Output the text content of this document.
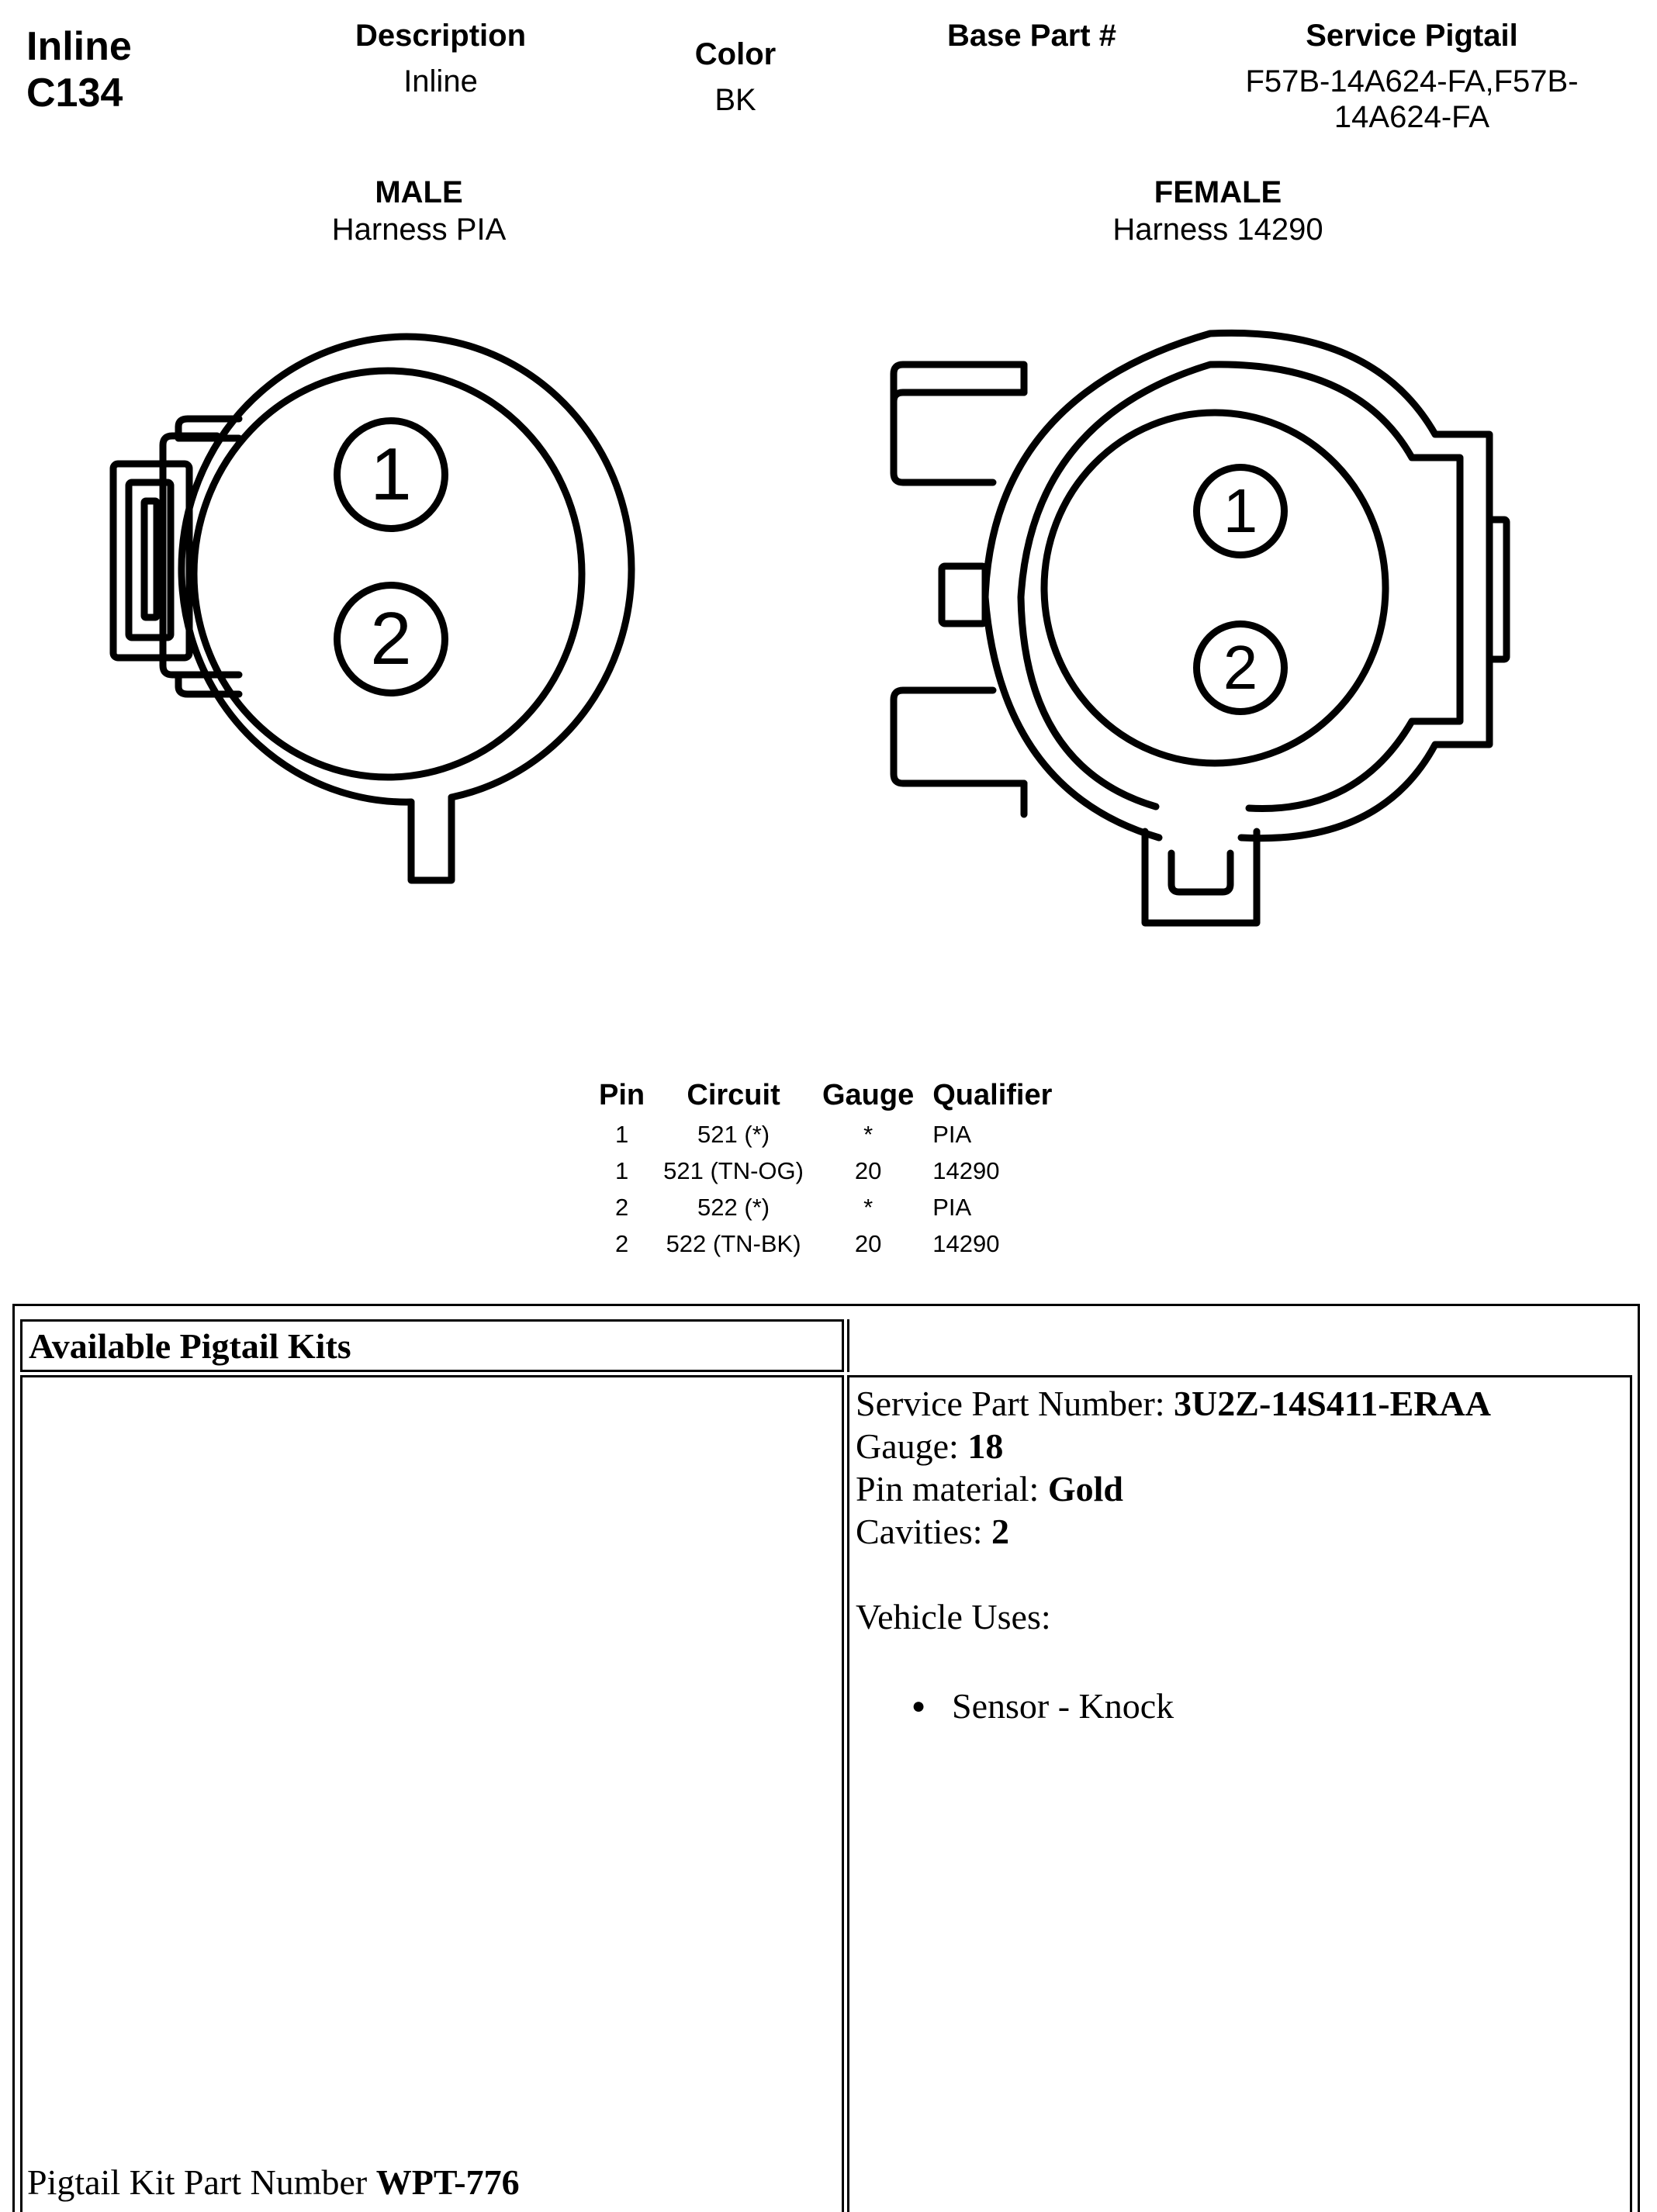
Inline
C134
Description
Inline
Color
BK
Base Part #	Service Pigtail
F57B-14A624-FA,F57B-
14A624-FA
MALE
Harness PIA
FEMALE
Harness 14290
1
2
1
2
Pin	Circuit	Gauge	Qualifier
1	521 (*)	*	PIA
1	521 (TN-OG)	20	14290
2	522 (*)	*	PIA
2	522 (TN-BK)	20	14290
Available Pigtail Kits
Pigtail Kit Part Number WPT-776
Service Part Number: 3U2Z-14S411-ERAA
Gauge: 18
Pin material: Gold
Cavities: 2
Vehicle Uses:
● Sensor - Knock
